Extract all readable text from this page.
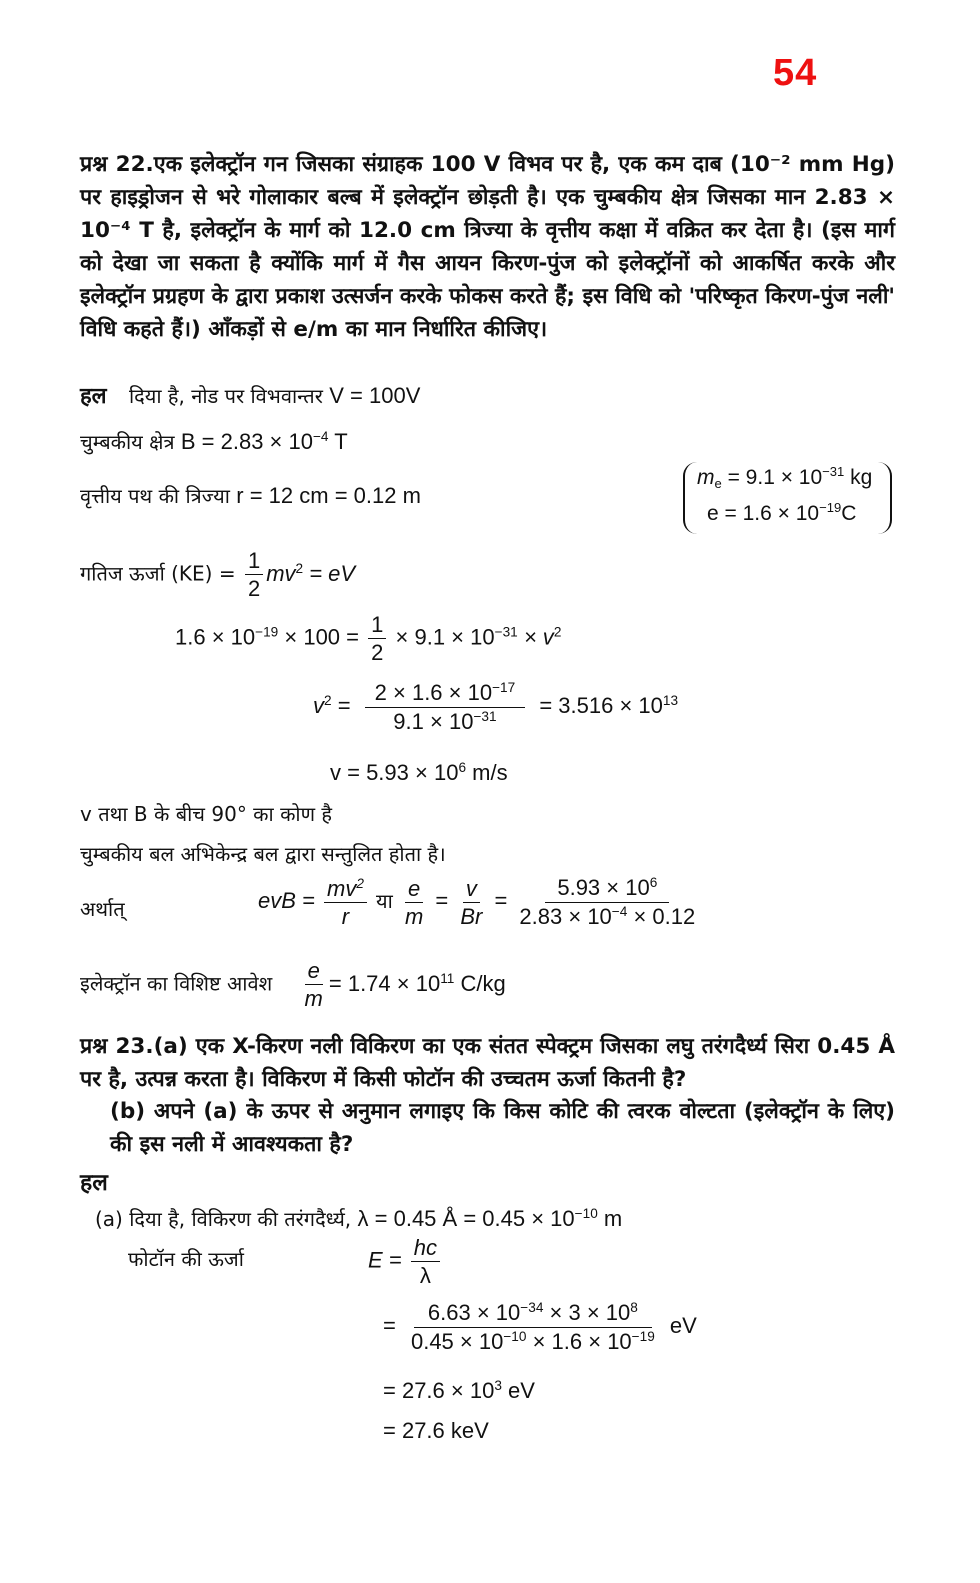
54
प्रश्न 22.एक इलेक्ट्रॉन गन जिसका संग्राहक 100 V विभव पर है, एक कम दाब (10⁻² mm Hg) पर हाइड्रोजन से भरे गोलाकार बल्ब में इलेक्ट्रॉन छोड़ती है। एक चुम्बकीय क्षेत्र जिसका मान 2.83 × 10⁻⁴ T है, इलेक्ट्रॉन के मार्ग को 12.0 cm त्रिज्या के वृत्तीय कक्षा में वक्रित कर देता है। (इस मार्ग को देखा जा सकता है क्योंकि मार्ग में गैस आयन किरण-पुंज को इलेक्ट्रॉनों को आकर्षित करके और इलेक्ट्रॉन प्रग्रहण के द्वारा प्रकाश उत्सर्जन करके फोकस करते हैं; इस विधि को 'परिष्कृत किरण-पुंज नली' विधि कहते हैं।) आँकड़ों से e/m का मान निर्धारित कीजिए।
हल दिया है, नोड पर विभवान्तर V = 100V
चुम्बकीय क्षेत्र $B = 2.83 \times 10^{-4}$ T
वृत्तीय पथ की त्रिज्या r = 12 cm = 0.12 m
$m_e = 9.1 \times 10^{-31}$ kg
$e = 1.6 \times 10^{-19}C$
गतिज ऊर्जा $(KE) = \frac{1}{2} mv^2$ = eV
$1.6 \times 10^{-19} \times 100 = \frac{1}{2} \times 9.1 \times 10^{-31} \times v^2$
$v^2 = \frac{2 \times 1.6 \times 10^{-17}}{9.1 \times 10^{-31}} = 3.516 \times 10^{13}$
$v = 5.93 \times 10^6$ m/s
v तथा B के बीच 90° का कोण है
चुम्बकीय बल अभिकेन्द्र बल द्वारा सन्तुलित होता है।
अर्थात्	evB = $\frac{mv^2}{r}$ या $\frac{e}{m} = \frac{v}{Br} = \frac{5.93 \times 10^6}{2.83 \times 10^{-4} \times 0.12}$
इलेक्ट्रॉन का विशिष्ट आवेश $\frac{e}{m} = 1.74 \times 10^{11}$ C/kg
प्रश्न 23.(a) एक X-किरण नली विकिरण का एक संतत स्पेक्ट्रम जिसका लघु तरंगदैर्ध्य सिरा 0.45 Å पर है, उत्पन्न करता है। विकिरण में किसी फोटॉन की उच्चतम ऊर्जा कितनी है?
(b) अपने (a) के ऊपर से अनुमान लगाइए कि किस कोटि की त्वरक वोल्टता (इलेक्ट्रॉन के लिए) की इस नली में आवश्यकता है?
हल
(a) दिया है, विकिरण की तरंगदैर्ध्य, λ = 0.45 Å = $0.45 \times 10^{-10}$ m
फोटॉन की ऊर्जा	$E = \frac{hc}{\lambda}$
= $\frac{6.63 \times 10^{-34} \times 3 \times 10^8}{0.45 \times 10^{-10} \times 1.6 \times 10^{-19}}$ eV
= $27.6 \times 10^3$ eV
= 27.6 keV
